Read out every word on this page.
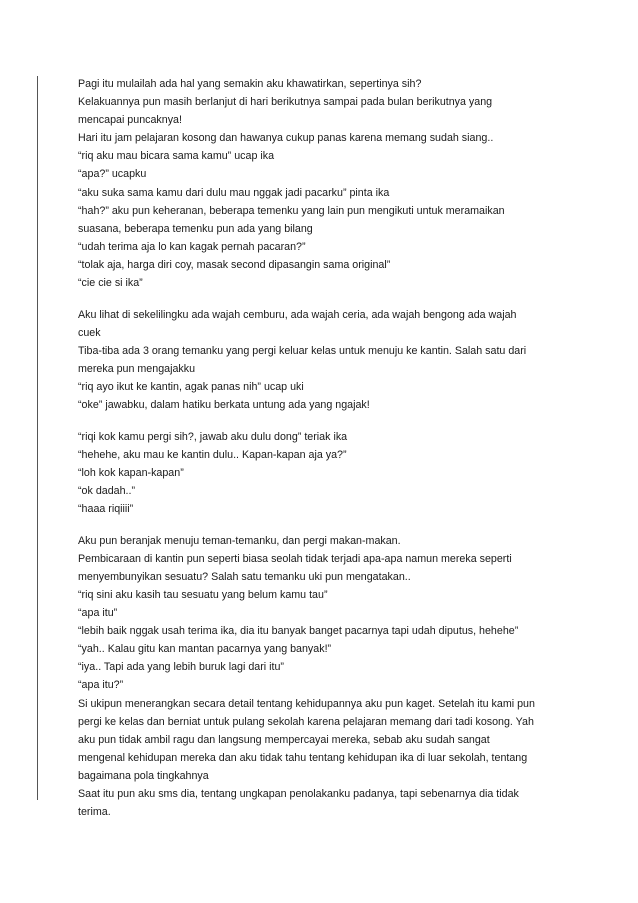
Pagi itu mulailah ada hal yang semakin aku khawatirkan, sepertinya sih?
Kelakuannya pun masih berlanjut di hari berikutnya sampai pada bulan berikutnya yang
mencapai puncaknya!
Hari itu jam pelajaran kosong dan hawanya cukup panas karena memang sudah siang..
“riq aku mau bicara sama kamu” ucap ika
“apa?” ucapku
“aku suka sama kamu dari dulu mau nggak jadi pacarku” pinta ika
“hah?” aku pun keheranan, beberapa temenku yang lain pun mengikuti untuk meramaikan
suasana, beberapa temenku pun ada yang bilang
“udah terima aja lo kan kagak pernah pacaran?”
“tolak aja, harga diri coy, masak second dipasangin sama original”
“cie cie si ika”
Aku lihat di sekelilingku ada wajah cemburu, ada wajah ceria, ada wajah bengong ada wajah
cuek
Tiba-tiba ada 3 orang temanku yang pergi keluar kelas untuk menuju ke kantin. Salah satu dari
mereka pun mengajakku
“riq ayo ikut ke kantin, agak panas nih” ucap uki
“oke” jawabku, dalam hatiku berkata untung ada yang ngajak!
“riqi kok kamu pergi sih?, jawab aku dulu dong” teriak ika
“hehehe, aku mau ke kantin dulu.. Kapan-kapan aja ya?”
“loh kok kapan-kapan”
“ok dadah..”
“haaa riqiiii”
Aku pun beranjak menuju teman-temanku, dan pergi makan-makan.
Pembicaraan di kantin pun seperti biasa seolah tidak terjadi apa-apa namun mereka seperti
menyembunyikan sesuatu? Salah satu temanku uki pun mengatakan..
“riq sini aku kasih tau sesuatu yang belum kamu tau”
“apa itu”
“lebih baik nggak usah terima ika, dia itu banyak banget pacarnya tapi udah diputus, hehehe”
“yah.. Kalau gitu kan mantan pacarnya yang banyak!”
“iya.. Tapi ada yang lebih buruk lagi dari itu”
“apa itu?”
Si ukipun menerangkan secara detail tentang kehidupannya aku pun kaget. Setelah itu kami pun
pergi ke kelas dan berniat untuk pulang sekolah karena pelajaran memang dari tadi kosong. Yah
aku pun tidak ambil ragu dan langsung mempercayai mereka, sebab aku sudah sangat
mengenal kehidupan mereka dan aku tidak tahu tentang kehidupan ika di luar sekolah, tentang
bagaimana pola tingkahnya
Saat itu pun aku sms dia, tentang ungkapan penolakanku padanya, tapi sebenarnya dia tidak
terima.
